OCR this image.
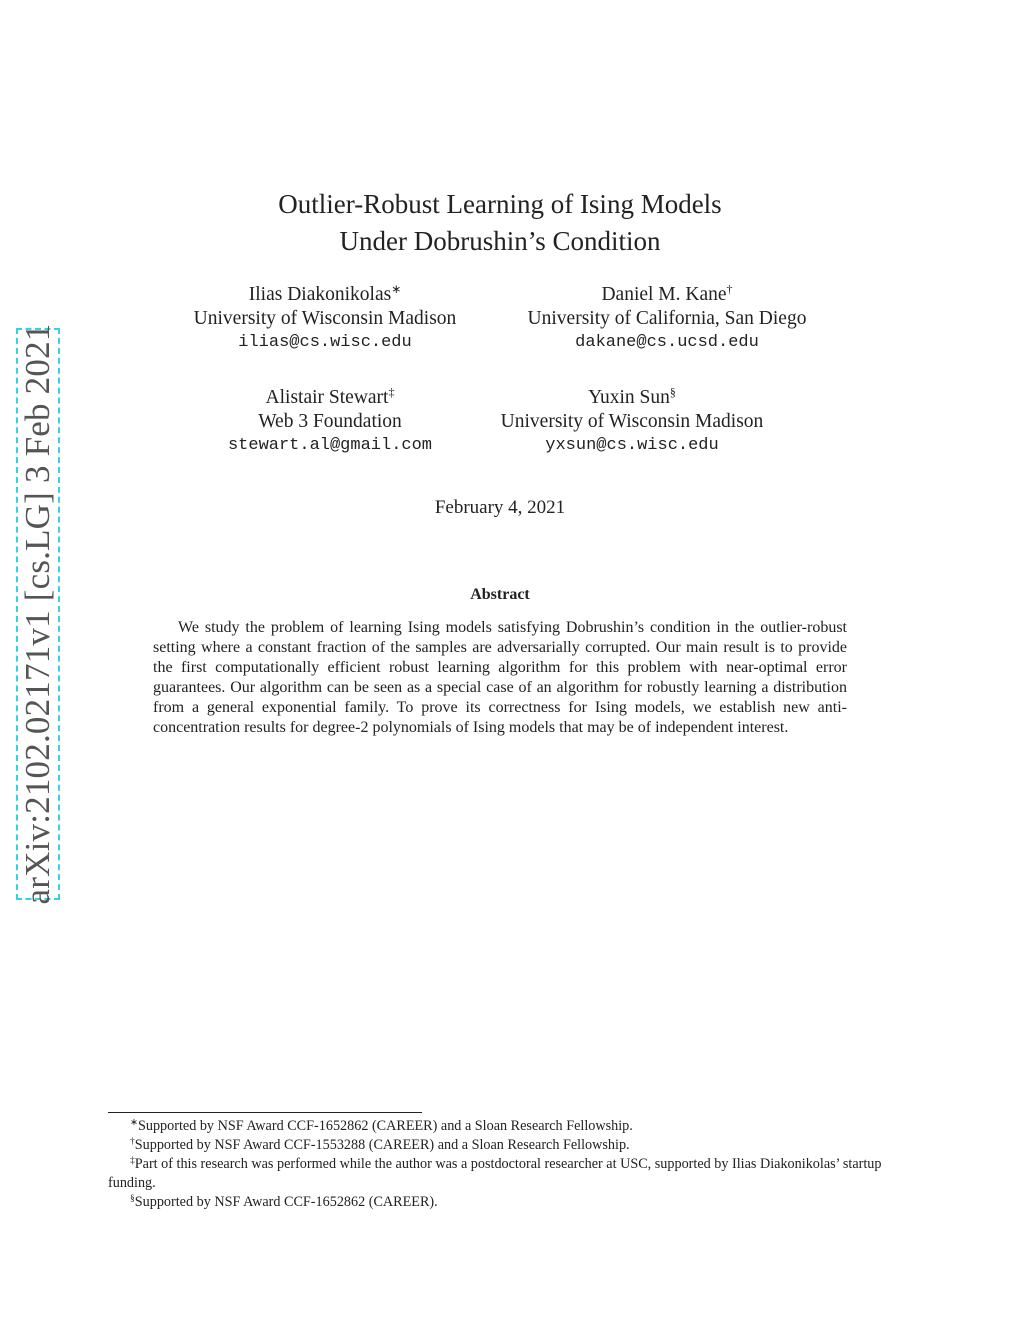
arXiv:2102.02171v1 [cs.LG] 3 Feb 2021
Outlier-Robust Learning of Ising Models
Under Dobrushin’s Condition
Ilias Diakonikolas∗
University of Wisconsin Madison
ilias@cs.wisc.edu
Daniel M. Kane†
University of California, San Diego
dakane@cs.ucsd.edu
Alistair Stewart‡
Web 3 Foundation
stewart.al@gmail.com
Yuxin Sun§
University of Wisconsin Madison
yxsun@cs.wisc.edu
February 4, 2021
Abstract

We study the problem of learning Ising models satisfying Dobrushin’s condition in the outlier-robust setting where a constant fraction of the samples are adversarially corrupted. Our main result is to provide the first computationally efficient robust learning algorithm for this problem with near-optimal error guarantees. Our algorithm can be seen as a special case of an algorithm for robustly learning a distribution from a general exponential family. To prove its correctness for Ising models, we establish new anti-concentration results for degree-2 polynomials of Ising models that may be of independent interest.

∗Supported by NSF Award CCF-1652862 (CAREER) and a Sloan Research Fellowship.

†Supported by NSF Award CCF-1553288 (CAREER) and a Sloan Research Fellowship.

‡Part of this research was performed while the author was a postdoctoral researcher at USC, supported by Ilias Diakonikolas’ startup funding.

§Supported by NSF Award CCF-1652862 (CAREER).
